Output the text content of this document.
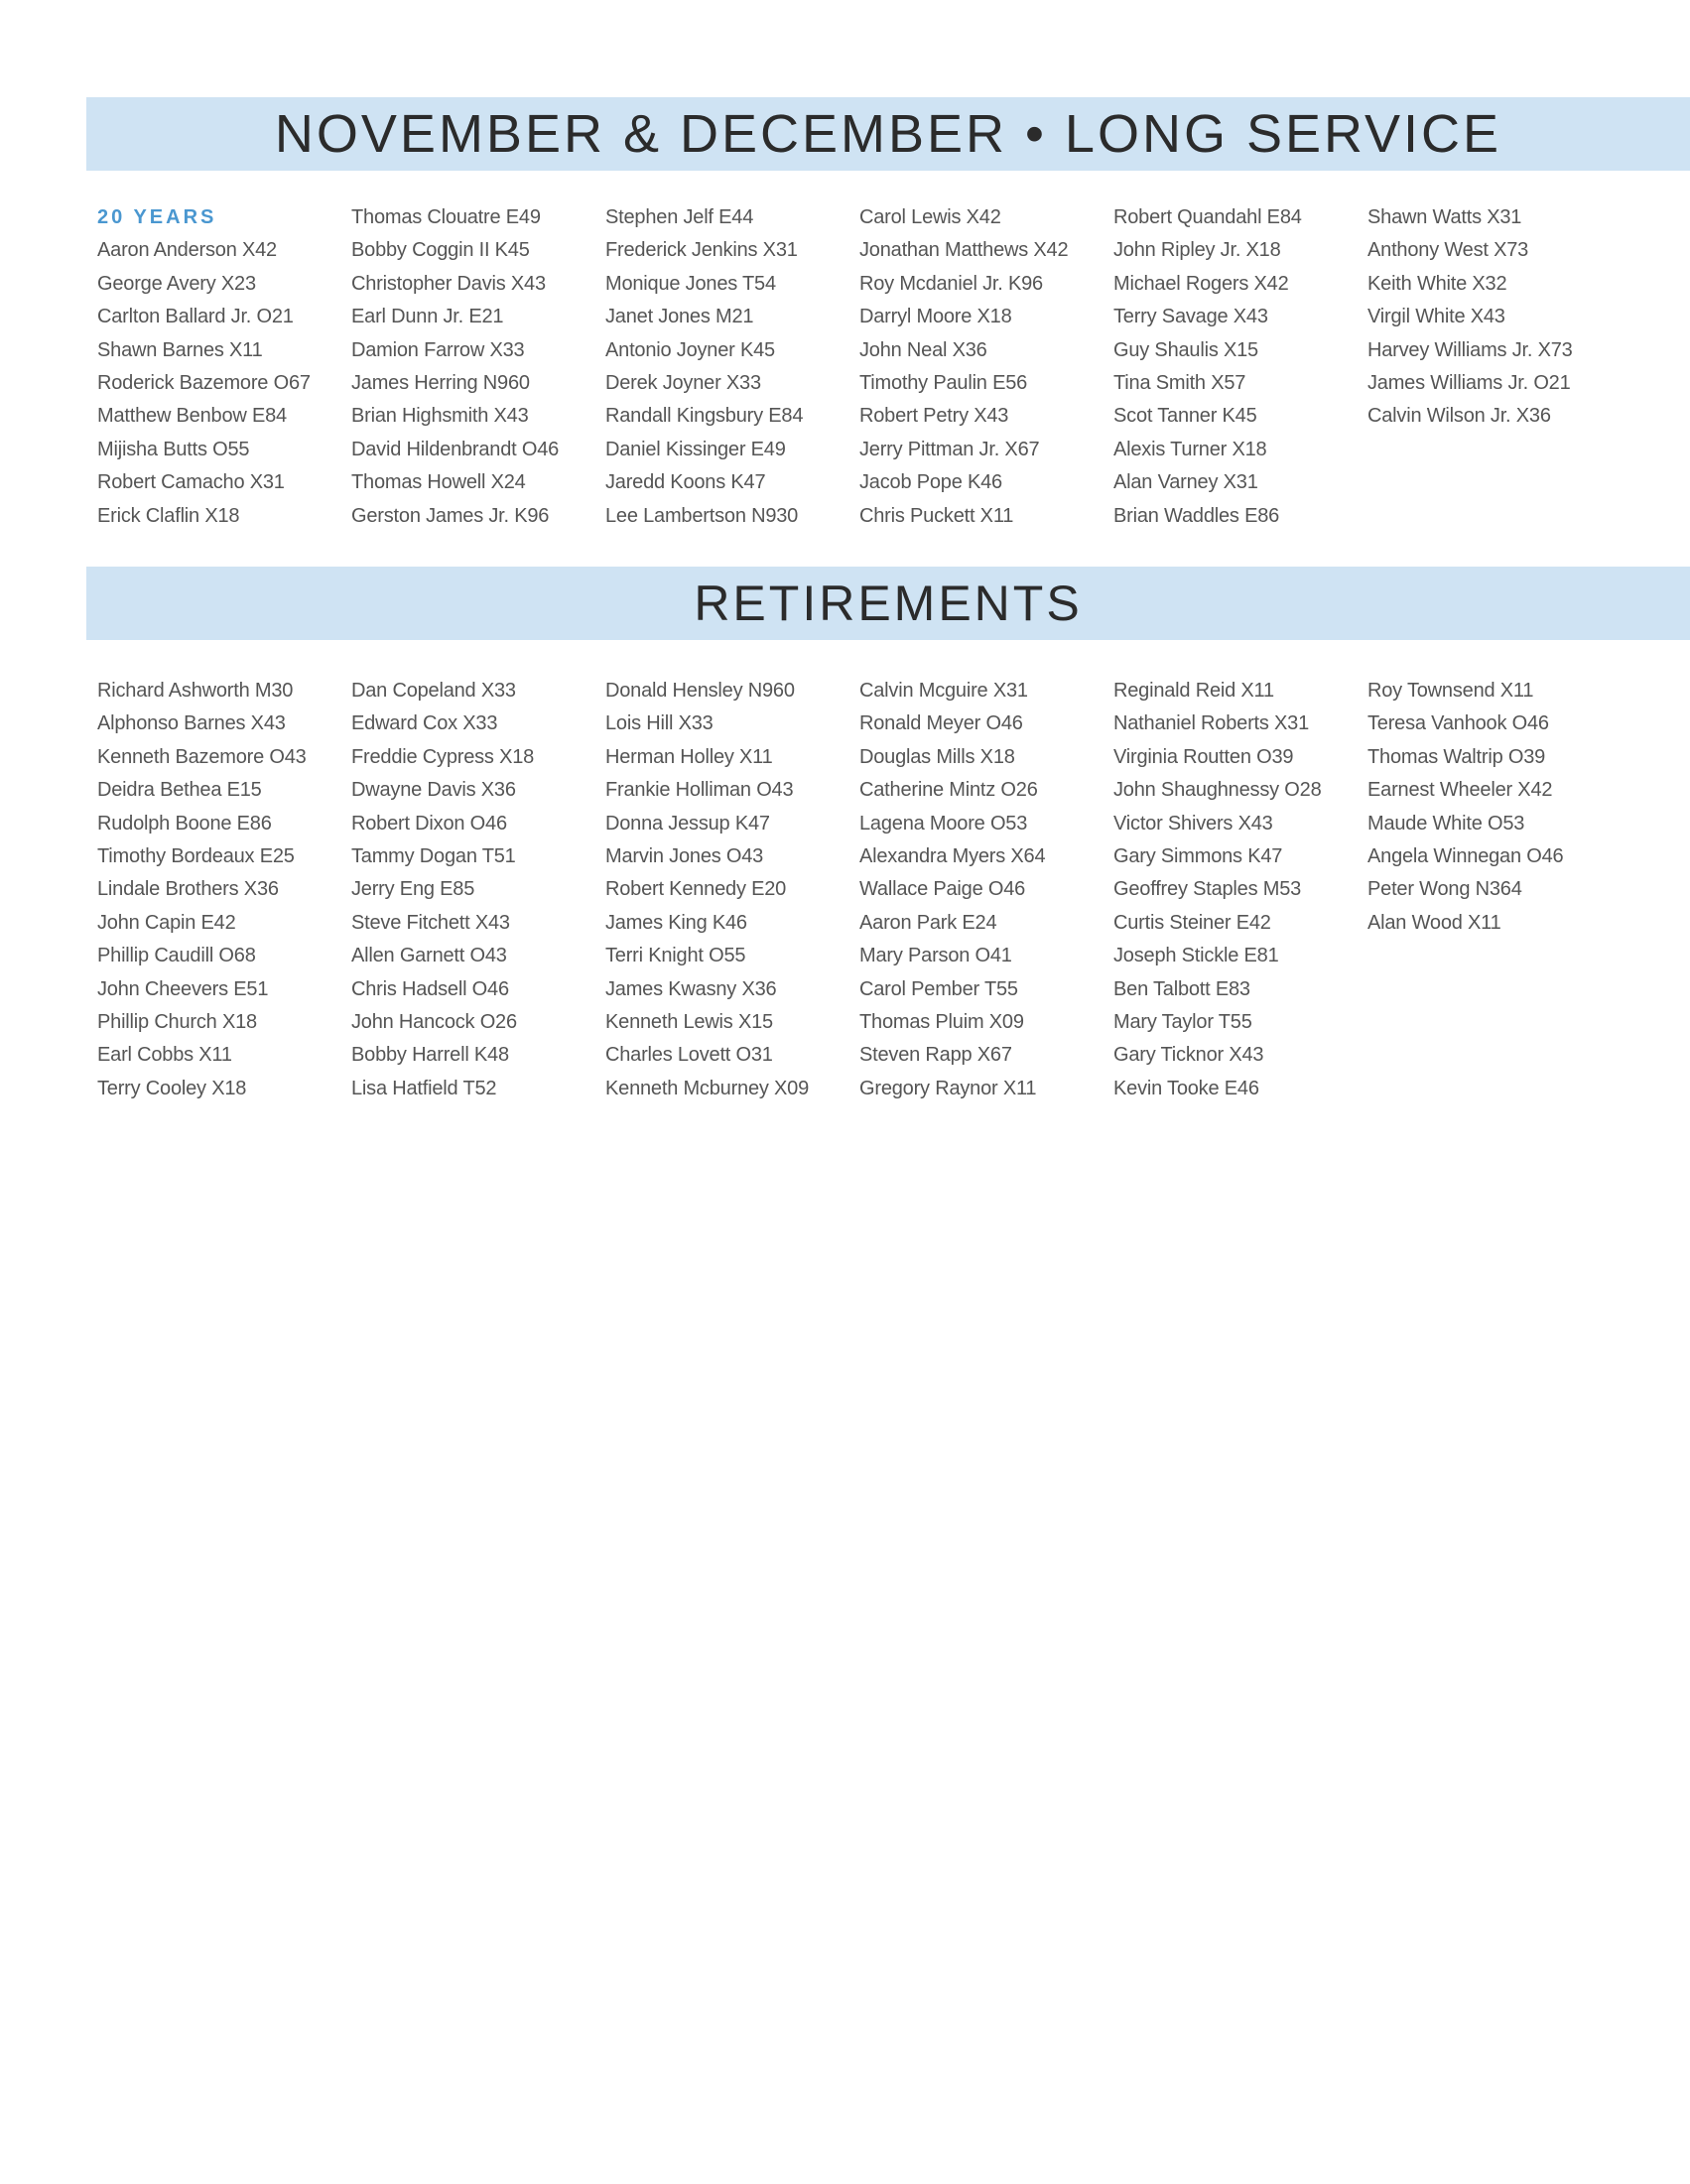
NOVEMBER & DECEMBER • LONG SERVICE
20 YEARS
Aaron Anderson X42
George Avery X23
Carlton Ballard Jr. O21
Shawn Barnes X11
Roderick Bazemore O67
Matthew Benbow E84
Mijisha Butts O55
Robert Camacho X31
Erick Claflin X18
Thomas Clouatre E49
Bobby Coggin II K45
Christopher Davis X43
Earl Dunn Jr. E21
Damion Farrow X33
James Herring N960
Brian Highsmith X43
David Hildenbrandt O46
Thomas Howell X24
Gerston James Jr. K96
Stephen Jelf E44
Frederick Jenkins X31
Monique Jones T54
Janet Jones M21
Antonio Joyner K45
Derek Joyner X33
Randall Kingsbury E84
Daniel Kissinger E49
Jaredd Koons K47
Lee Lambertson N930
Carol Lewis X42
Jonathan Matthews X42
Roy Mcdaniel Jr. K96
Darryl Moore X18
John Neal X36
Timothy Paulin E56
Robert Petry X43
Jerry Pittman Jr. X67
Jacob Pope K46
Chris Puckett X11
Robert Quandahl E84
John Ripley Jr. X18
Michael Rogers X42
Terry Savage X43
Guy Shaulis X15
Tina Smith X57
Scot Tanner K45
Alexis Turner X18
Alan Varney X31
Brian Waddles E86
Shawn Watts X31
Anthony West X73
Keith White X32
Virgil White X43
Harvey Williams Jr. X73
James Williams Jr. O21
Calvin Wilson Jr. X36
RETIREMENTS
Richard Ashworth M30
Alphonso Barnes X43
Kenneth Bazemore O43
Deidra Bethea E15
Rudolph Boone E86
Timothy Bordeaux E25
Lindale Brothers X36
John Capin E42
Phillip Caudill O68
John Cheevers E51
Phillip Church X18
Earl Cobbs X11
Terry Cooley X18
Dan Copeland X33
Edward Cox X33
Freddie Cypress X18
Dwayne Davis X36
Robert Dixon O46
Tammy Dogan T51
Jerry Eng E85
Steve Fitchett X43
Allen Garnett O43
Chris Hadsell O46
John Hancock O26
Bobby Harrell K48
Lisa Hatfield T52
Donald Hensley N960
Lois Hill X33
Herman Holley X11
Frankie Holliman O43
Donna Jessup K47
Marvin Jones O43
Robert Kennedy E20
James King K46
Terri Knight O55
James Kwasny X36
Kenneth Lewis X15
Charles Lovett O31
Kenneth Mcburney X09
Calvin Mcguire X31
Ronald Meyer O46
Douglas Mills X18
Catherine Mintz O26
Lagena Moore O53
Alexandra Myers X64
Wallace Paige O46
Aaron Park E24
Mary Parson O41
Carol Pember T55
Thomas Pluim X09
Steven Rapp X67
Gregory Raynor X11
Reginald Reid X11
Nathaniel Roberts X31
Virginia Routten O39
John Shaughnessy O28
Victor Shivers X43
Gary Simmons K47
Geoffrey Staples M53
Curtis Steiner E42
Joseph Stickle E81
Ben Talbott E83
Mary Taylor T55
Gary Ticknor X43
Kevin Tooke E46
Roy Townsend X11
Teresa Vanhook O46
Thomas Waltrip O39
Earnest Wheeler X42
Maude White O53
Angela Winnegan O46
Peter Wong N364
Alan Wood X11
